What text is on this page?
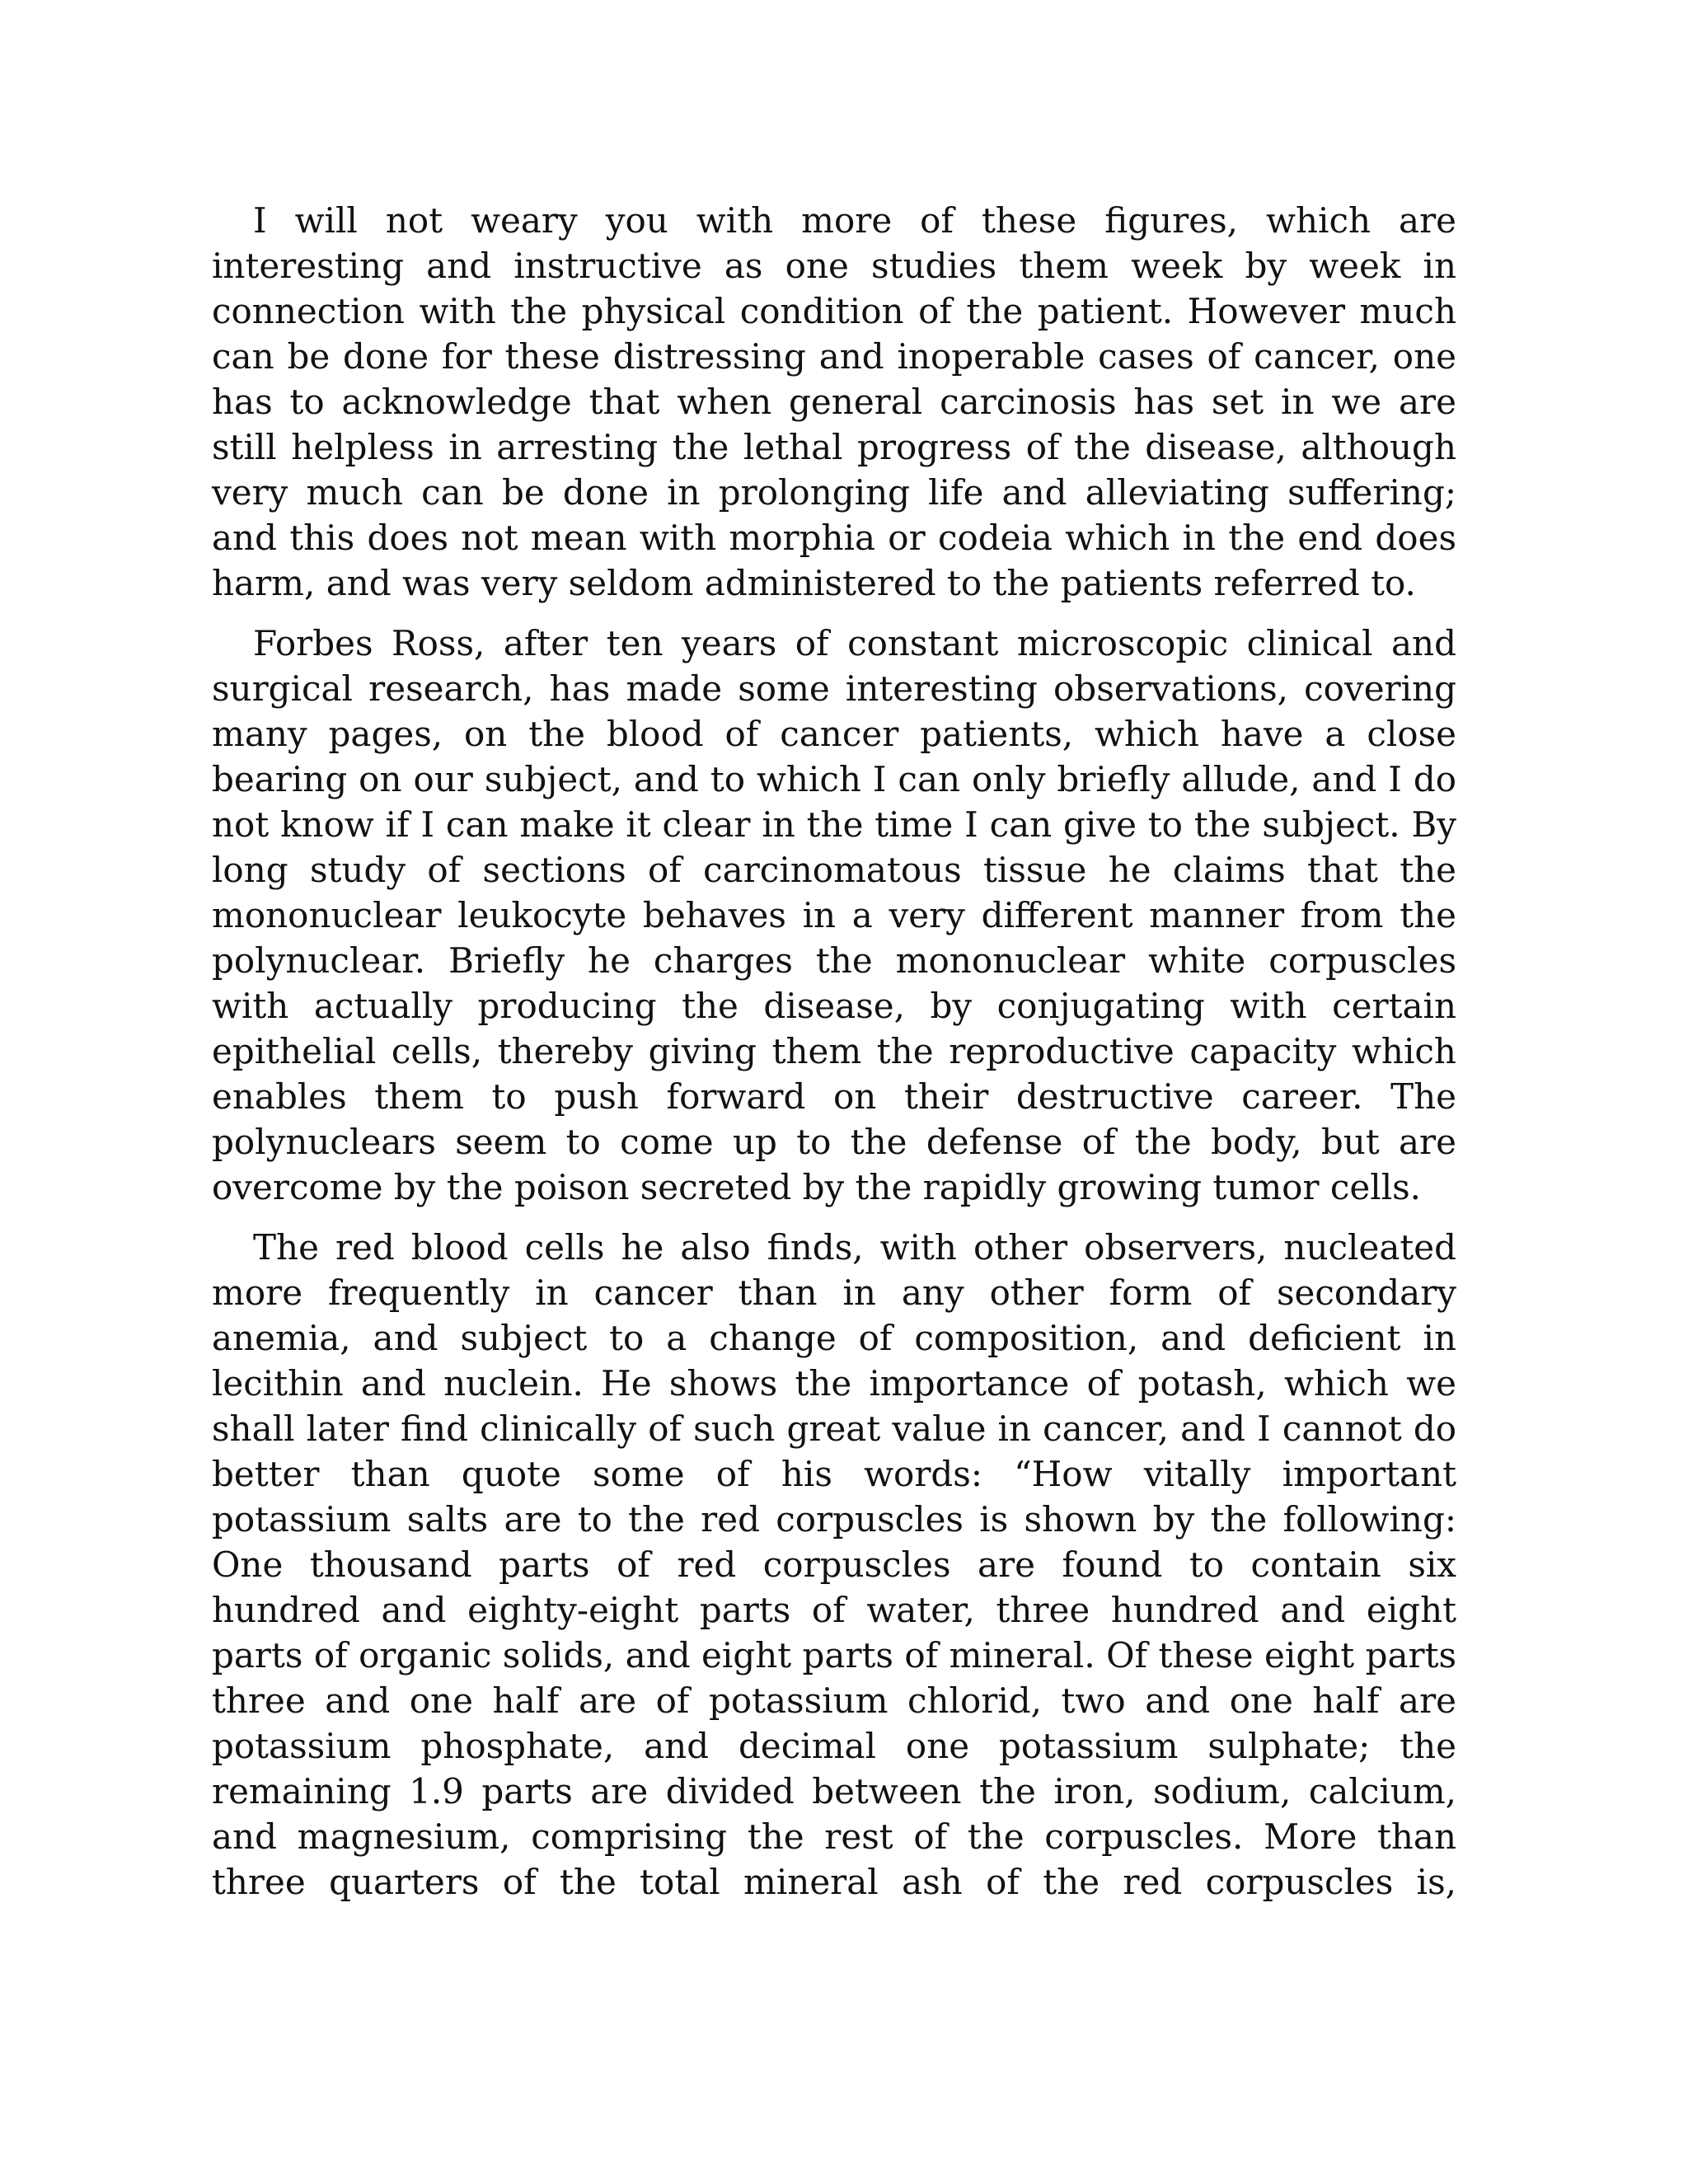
I will not weary you with more of these figures, which are interesting and instructive as one studies them week by week in connection with the physical condition of the patient. However much can be done for these distressing and inoperable cases of cancer, one has to acknowledge that when general carcinosis has set in we are still helpless in arresting the lethal progress of the disease, although very much can be done in prolonging life and alleviating suffering; and this does not mean with morphia or codeia which in the end does harm, and was very seldom administered to the patients referred to.

Forbes Ross, after ten years of constant microscopic clinical and surgical research, has made some interesting observations, covering many pages, on the blood of cancer patients, which have a close bearing on our subject, and to which I can only briefly allude, and I do not know if I can make it clear in the time I can give to the subject. By long study of sections of carcinomatous tissue he claims that the mononuclear leukocyte behaves in a very different manner from the polynuclear. Briefly he charges the mononuclear white corpuscles with actually producing the disease, by conjugating with certain epithelial cells, thereby giving them the reproductive capacity which enables them to push forward on their destructive career. The polynuclears seem to come up to the defense of the body, but are overcome by the poison secreted by the rapidly growing tumor cells.

The red blood cells he also finds, with other observers, nucleated more frequently in cancer than in any other form of secondary anemia, and subject to a change of composition, and deficient in lecithin and nuclein. He shows the importance of potash, which we shall later find clinically of such great value in cancer, and I cannot do better than quote some of his words: “How vitally important potassium salts are to the red corpuscles is shown by the following: One thousand parts of red corpuscles are found to contain six hundred and eighty-eight parts of water, three hundred and eight parts of organic solids, and eight parts of mineral. Of these eight parts three and one half are of potassium chlorid, two and one half are potassium phosphate, and decimal one potassium sulphate; the remaining 1.9 parts are divided between the iron, sodium, calcium, and magnesium, comprising the rest of the corpuscles. More than three quarters of the total mineral ash of the red corpuscles is,
